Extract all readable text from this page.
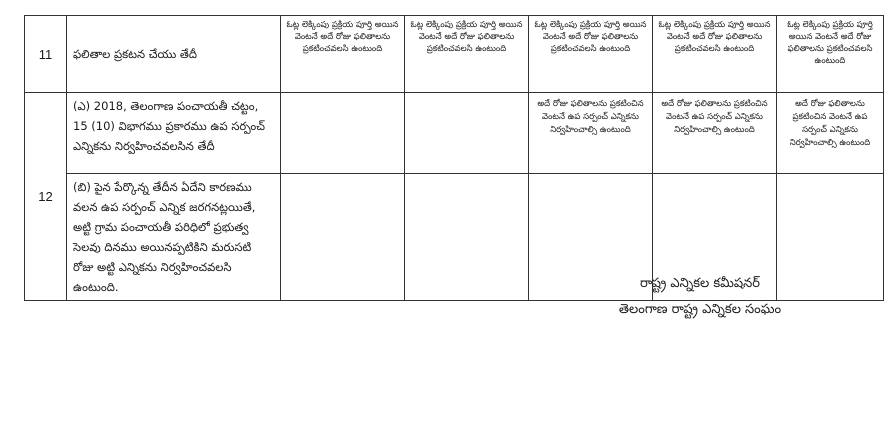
11	ఫలితాల ప్రకటన చేయు తేదీ	ఓట్ల లెక్కింపు ప్రక్రియ పూర్తి అయిన వెంటనే అదే రోజు ఫలితాలను ప్రకటించవలసి ఉంటుంది	ఓట్ల లెక్కింపు ప్రక్రియ పూర్తి అయిన వెంటనే అదే రోజు ఫలితాలను ప్రకటించవలసి ఉంటుంది	ఓట్ల లెక్కింపు ప్రక్రియ పూర్తి అయిన వెంటనే అదే రోజు ఫలితాలను ప్రకటించవలసి ఉంటుంది	ఓట్ల లెక్కింపు ప్రక్రియ పూర్తి అయిన వెంటనే అదే రోజు ఫలితాలను ప్రకటించవలసి ఉంటుంది	ఓట్ల లెక్కింపు ప్రక్రియ పూర్తి అయిన వెంటనే అదే రోజు ఫలితాలను ప్రకటించవలసి ఉంటుంది
12	(ఎ) 2018, తెలంగాణ పంచాయతీ చట్టం, 15 (10) విభాగము ప్రకారము ఉప సర్పంచ్ ఎన్నికను నిర్వహించవలసిన తేదీ			అదే రోజు ఫలితాలను ప్రకటించిన వెంటనే ఉప సర్పంచ్ ఎన్నికను నిర్వహించాల్సి ఉంటుంది	అదే రోజు ఫలితాలను ప్రకటించిన వెంటనే ఉప సర్పంచ్ ఎన్నికను నిర్వహించాల్సి ఉంటుంది	అదే రోజు ఫలితాలను ప్రకటించిన వెంటనే ఉప సర్పంచ్ ఎన్నికను నిర్వహించాల్సి ఉంటుంది
	(బి) పైన పేర్కొన్న తేదీన ఏదేని కారణము వలన ఉప సర్పంచ్ ఎన్నిక జరగనట్లయితే, అట్టి గ్రామ పంచాయతీ పరిధిలో ప్రభుత్వ సెలవు దినము అయినప్పటికిని మరుసటి రోజు అట్టి ఎన్నికను నిర్వహించవలసి ఉంటుంది.						రాష్ట్ర ఎన్నికల కమీషనర్
తెలంగాణ రాష్ట్ర ఎన్నికల సంఘం
